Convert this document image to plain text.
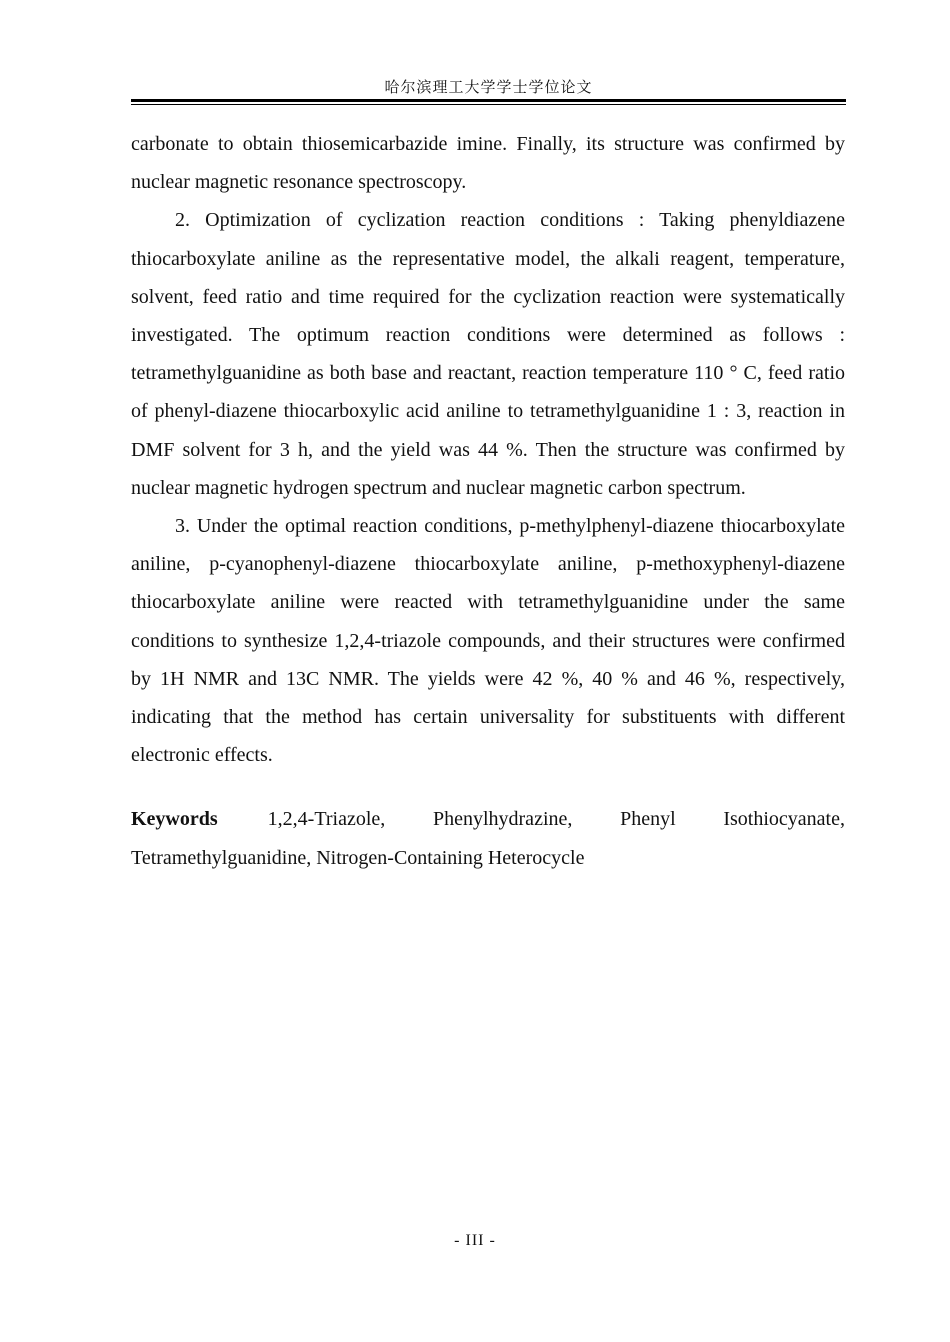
哈尔滨理工大学学士学位论文

carbonate to obtain thiosemicarbazide imine. Finally, its structure was confirmed by nuclear magnetic resonance spectroscopy.

2. Optimization of cyclization reaction conditions : Taking phenyldiazene thiocarboxylate aniline as the representative model, the alkali reagent, temperature, solvent, feed ratio and time required for the cyclization reaction were systematically investigated. The optimum reaction conditions were determined as follows : tetramethylguanidine as both base and reactant, reaction temperature 110 ° C, feed ratio of phenyl-diazene thiocarboxylic acid aniline to tetramethylguanidine 1 : 3, reaction in DMF solvent for 3 h, and the yield was 44 %. Then the structure was confirmed by nuclear magnetic hydrogen spectrum and nuclear magnetic carbon spectrum.

3. Under the optimal reaction conditions, p-methylphenyl-diazene thiocarboxylate aniline, p-cyanophenyl-diazene thiocarboxylate aniline, p-methoxyphenyl-diazene thiocarboxylate aniline were reacted with tetramethylguanidine under the same conditions to synthesize 1,2,4-triazole compounds, and their structures were confirmed by 1H NMR and 13C NMR. The yields were 42 %, 40 % and 46 %, respectively, indicating that the method has certain universality for substituents with different electronic effects.

Keywords	1,2,4-Triazole, Phenylhydrazine, Phenyl Isothiocyanate, Tetramethylguanidine, Nitrogen-Containing Heterocycle

- III -
